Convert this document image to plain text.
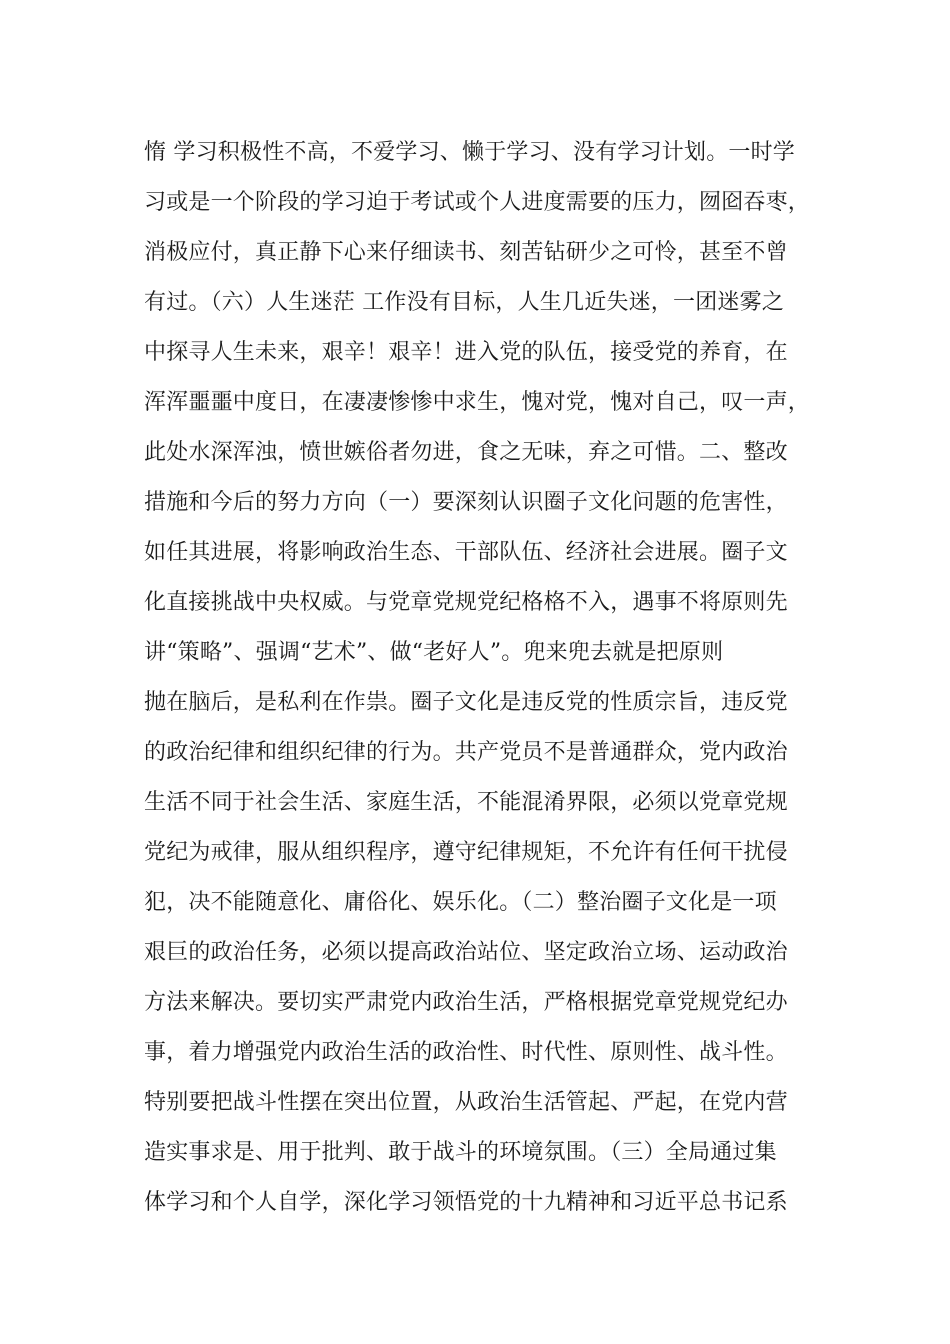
惰 学习积极性不高，不爱学习、懒于学习、没有学习计划。一时学
习或是一个阶段的学习迫于考试或个人进度需要的压力，囫囵吞枣，
消极应付，真正静下心来仔细读书、刻苦钻研少之可怜，甚至不曾
有过。（六）人生迷茫 工作没有目标，人生几近失迷，一团迷雾之
中探寻人生未来，艰辛！艰辛！进入党的队伍，接受党的养育，在
浑浑噩噩中度日，在凄凄惨惨中求生，愧对党，愧对自己，叹一声，
此处水深浑浊，愤世嫉俗者勿进，食之无味，弃之可惜。二、整改
措施和今后的努力方向（一）要深刻认识圈子文化问题的危害性，
如任其进展，将影响政治生态、干部队伍、经济社会进展。圈子文
化直接挑战中央权威。与党章党规党纪格格不入，遇事不将原则先
讲“策略”、强调“艺术”、做“老好人”。兜来兜去就是把原则
抛在脑后，是私利在作祟。圈子文化是违反党的性质宗旨，违反党
的政治纪律和组织纪律的行为。共产党员不是普通群众，党内政治
生活不同于社会生活、家庭生活，不能混淆界限，必须以党章党规
党纪为戒律，服从组织程序，遵守纪律规矩，不允许有任何干扰侵
犯，决不能随意化、庸俗化、娱乐化。（二）整治圈子文化是一项
艰巨的政治任务，必须以提高政治站位、坚定政治立场、运动政治
方法来解决。要切实严肃党内政治生活，严格根据党章党规党纪办
事，着力增强党内政治生活的政治性、时代性、原则性、战斗性。
特别要把战斗性摆在突出位置，从政治生活管起、严起，在党内营
造实事求是、用于批判、敢于战斗的环境氛围。（三）全局通过集
体学习和个人自学，深化学习领悟党的十九精神和习近平总书记系
